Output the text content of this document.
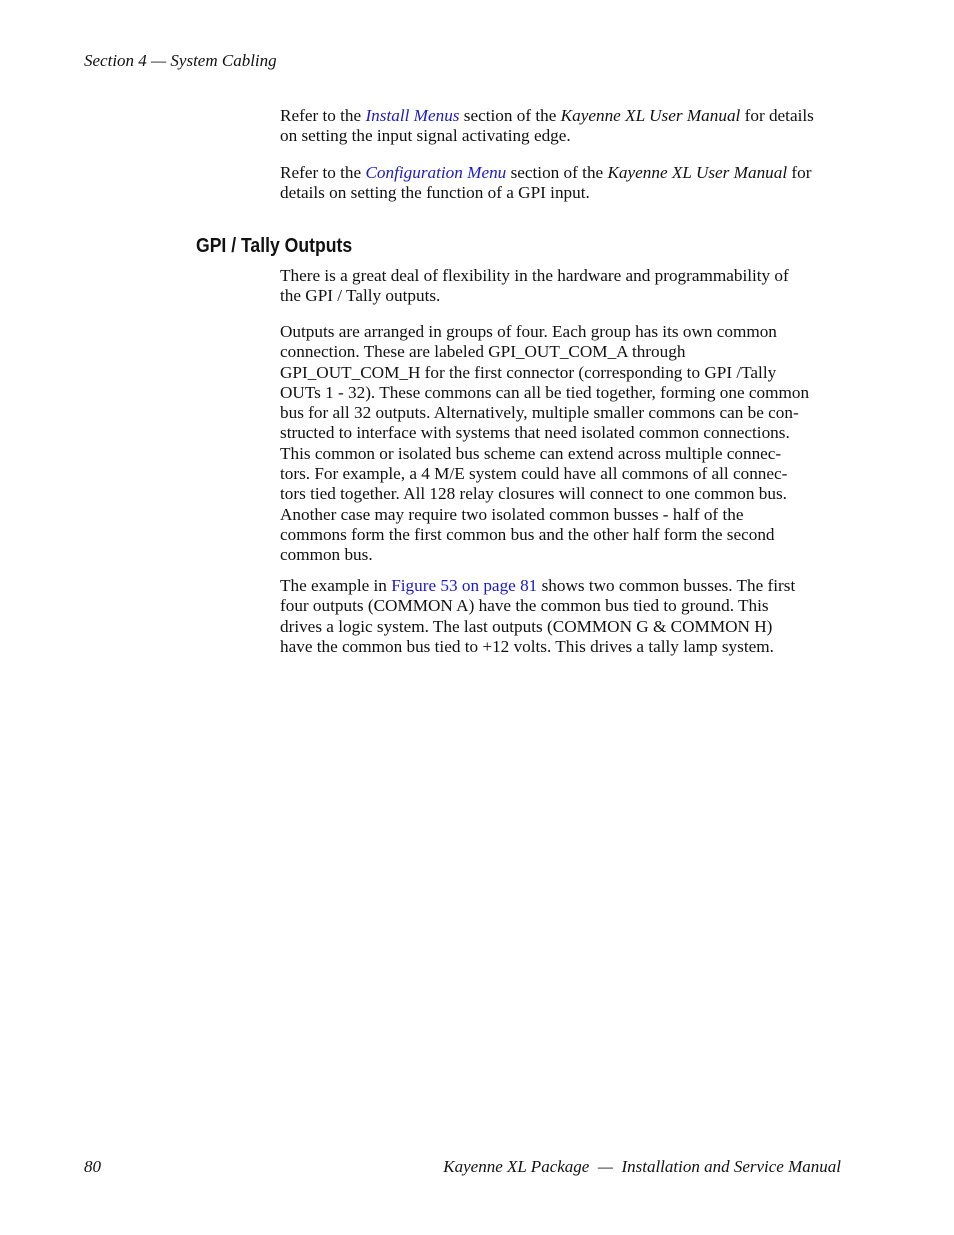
Section 4 — System Cabling

Refer to the Install Menus section of the Kayenne XL User Manual for details

on setting the input signal activating edge.

Refer to the Configuration Menu section of the Kayenne XL User Manual for

details on setting the function of a GPI input.

GPI / Tally Outputs

There is a great deal of flexibility in the hardware and programmability of

the GPI / Tally outputs.

Outputs are arranged in groups of four. Each group has its own common

connection. These are labeled GPI_OUT_COM_A through

GPI_OUT_COM_H for the first connector (corresponding to GPI /Tally

OUTs 1 - 32). These commons can all be tied together, forming one common

bus for all 32 outputs. Alternatively, multiple smaller commons can be con-

structed to interface with systems that need isolated common connections.

This common or isolated bus scheme can extend across multiple connec-

tors. For example, a 4 M/E system could have all commons of all connec-

tors tied together. All 128 relay closures will connect to one common bus.

Another case may require two isolated common busses - half of the

commons form the first common bus and the other half form the second

common bus.

The example in Figure 53 on page 81 shows two common busses. The first

four outputs (COMMON A) have the common bus tied to ground. This

drives a logic system. The last outputs (COMMON G & COMMON H)

have the common bus tied to +12 volts. This drives a tally lamp system.

80	Kayenne XL Package  —  Installation and Service Manual
